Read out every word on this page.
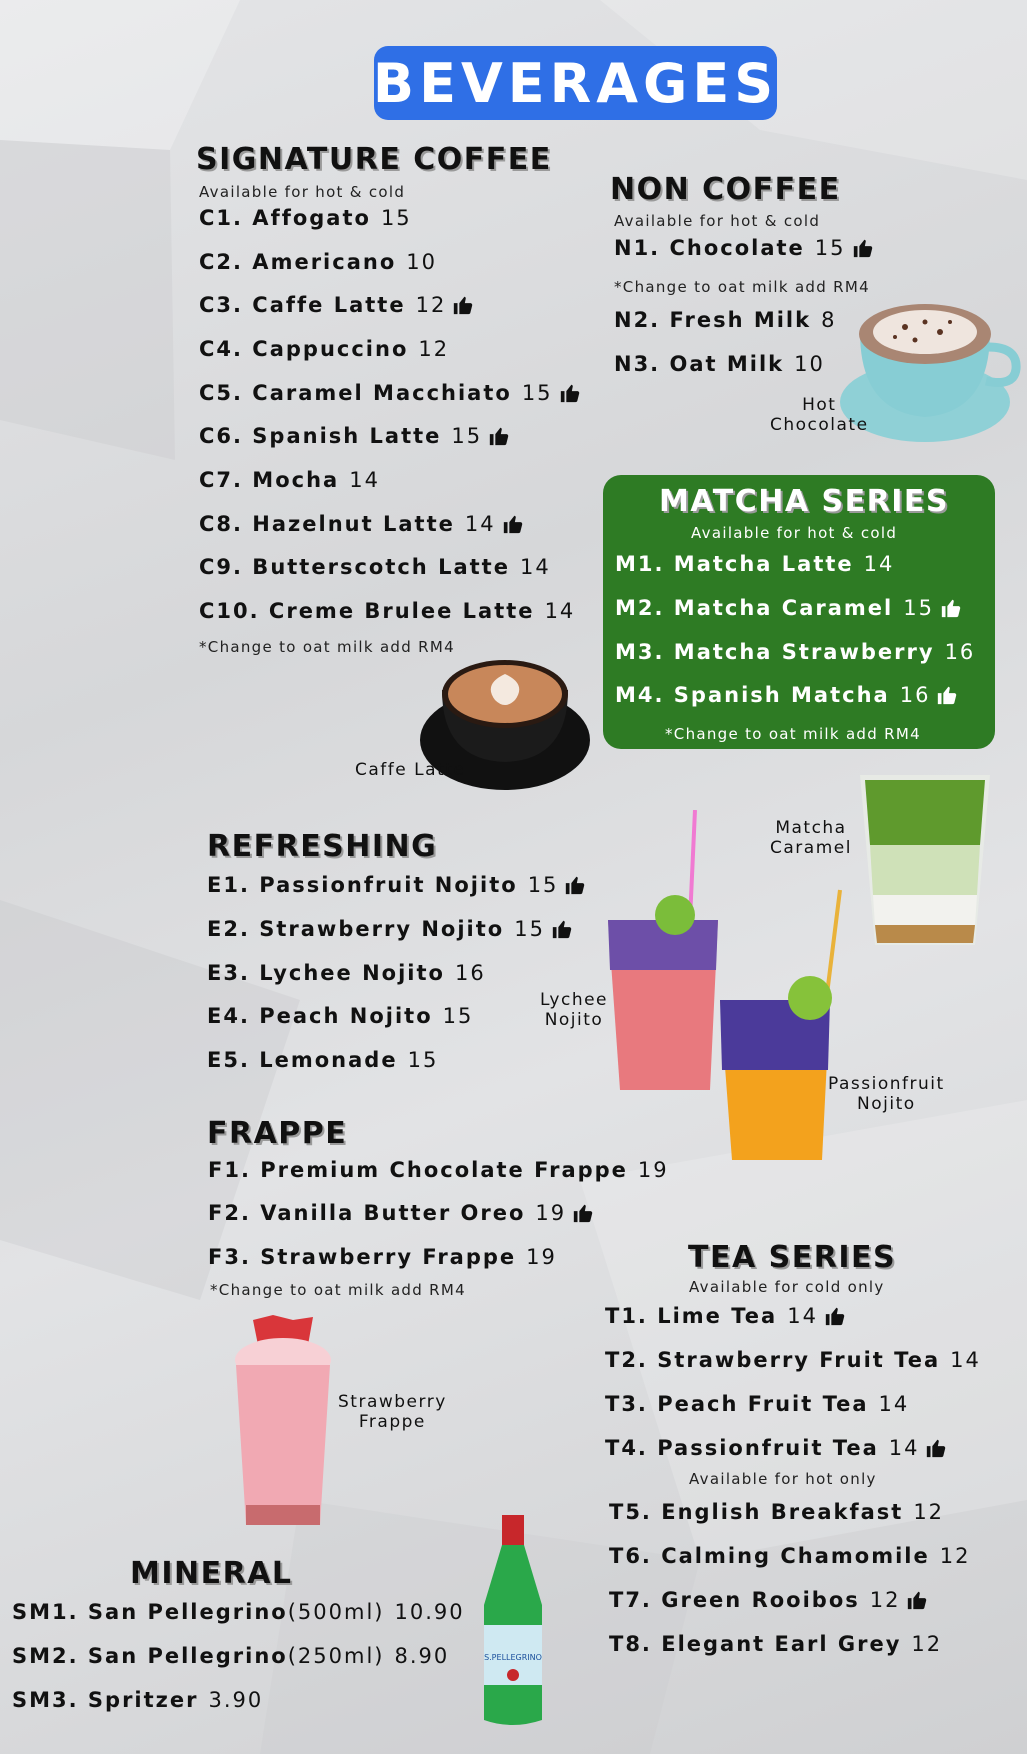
BEVERAGES
SIGNATURE COFFEE
Available for hot & cold
C1. Affogato 15
C2. Americano 10
C3. Caffe Latte 12
C4. Cappuccino 12
C5. Caramel Macchiato 15
C6. Spanish Latte 15
C7. Mocha 14
C8. Hazelnut Latte 14
C9. Butterscotch Latte 14
C10. Creme Brulee Latte 14
*Change to oat milk add RM4
NON COFFEE
Available for hot & cold
N1. Chocolate 15
N2. Fresh Milk 8
N3. Oat Milk 10
*Change to oat milk add RM4
Hot
Chocolate
MATCHA SERIES
Available for hot & cold
M1. Matcha Latte 14
M2. Matcha Caramel 15
M3. Matcha Strawberry 16
M4. Spanish Matcha 16
*Change to oat milk add RM4
Caffe Latte
REFRESHING
E1. Passionfruit Nojito 15
E2. Strawberry Nojito 15
E3. Lychee Nojito 16
E4. Peach Nojito 15
E5. Lemonade 15
Matcha
Caramel
Lychee
Nojito
Passionfruit
Nojito
FRAPPE
F1. Premium Chocolate Frappe 19
F2. Vanilla Butter Oreo 19
F3. Strawberry Frappe 19
*Change to oat milk add RM4
Strawberry
Frappe
TEA SERIES
Available for cold only
T1. Lime Tea 14
T2. Strawberry Fruit Tea 14
T3. Peach Fruit Tea 14
T4. Passionfruit Tea 14
T5. English Breakfast 12
T6. Calming Chamomile 12
T7. Green Rooibos 12
T8. Elegant Earl Grey 12
Available for hot only
MINERAL
SM1. San Pellegrino (500ml) 10.90
SM2. San Pellegrino (250ml) 8.90
SM3. Spritzer 3.90
S.PELLEGRINO
